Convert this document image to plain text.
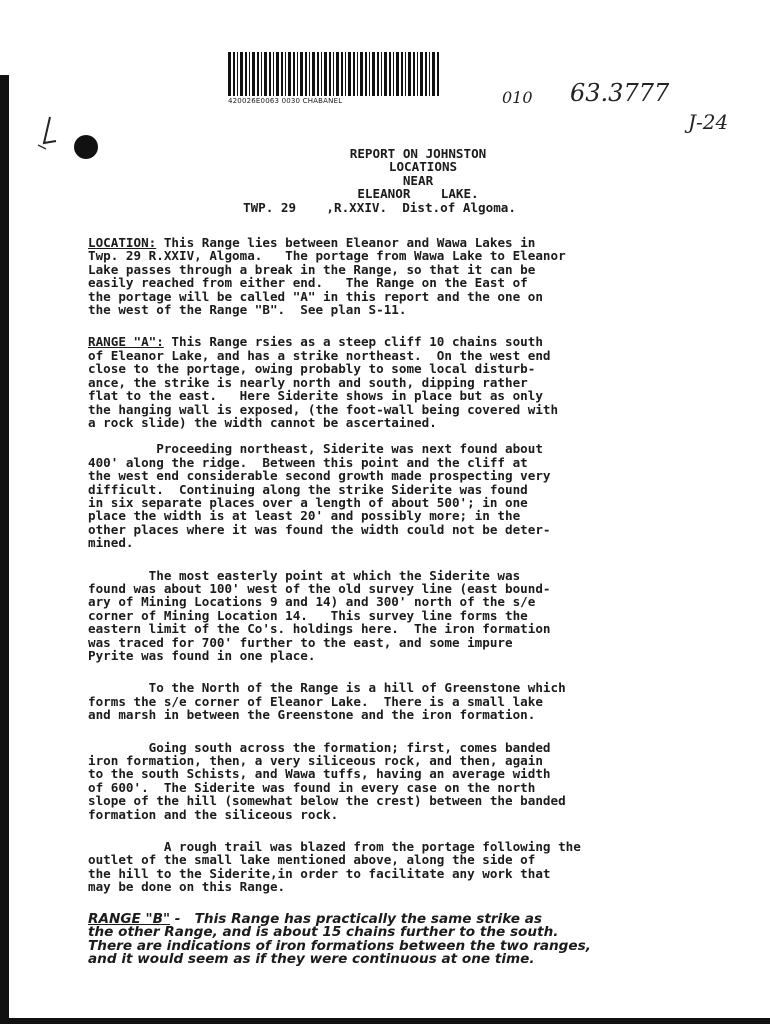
420026E0063 0030 CHABANEL	010 63.3777
J-24
REPORT ON JOHNSTON
LOCATIONS
NEAR
ELEANOR    LAKE.
TWP. 29    ,R.XXIV.  Dist.of Algoma.
LOCATION: This Range lies between Eleanor and Wawa Lakes in
Twp. 29 R.XXIV, Algoma.   The portage from Wawa Lake to Eleanor
Lake passes through a break in the Range, so that it can be
easily reached from either end.   The Range on the East of
the portage will be called "A" in this report and the one on
the west of the Range "B".  See plan S-11.
RANGE "A": This Range rsies as a steep cliff 10 chains south
of Eleanor Lake, and has a strike northeast.  On the west end
close to the portage, owing probably to some local disturb-
ance, the strike is nearly north and south, dipping rather
flat to the east.   Here Siderite shows in place but as only
the hanging wall is exposed, (the foot-wall being covered with
a rock slide) the width cannot be ascertained.
Proceeding northeast, Siderite was next found about
400' along the ridge.  Between this point and the cliff at
the west end considerable second growth made prospecting very
difficult.  Continuing along the strike Siderite was found
in six separate places over a length of about 500'; in one
place the width is at least 20' and possibly more; in the
other places where it was found the width could not be deter-
mined.
The most easterly point at which the Siderite was
found was about 100' west of the old survey line (east bound-
ary of Mining Locations 9 and 14) and 300' north of the s/e
corner of Mining Location 14.   This survey line forms the
eastern limit of the Co's. holdings here.  The iron formation
was traced for 700' further to the east, and some impure
Pyrite was found in one place.
To the North of the Range is a hill of Greenstone which
forms the s/e corner of Eleanor Lake.  There is a small lake
and marsh in between the Greenstone and the iron formation.
Going south across the formation; first, comes banded
iron formation, then, a very siliceous rock, and then, again
to the south Schists, and Wawa tuffs, having an average width
of 600'.  The Siderite was found in every case on the north
slope of the hill (somewhat below the crest) between the banded
formation and the siliceous rock.
A rough trail was blazed from the portage following the
outlet of the small lake mentioned above, along the side of
the hill to the Siderite,in order to facilitate any work that
may be done on this Range.
RANGE "B" -   This Range has practically the same strike as
the other Range, and is about 15 chains further to the south.
There are indications of iron formations between the two ranges,
and it would seem as if they were continuous at one time.
